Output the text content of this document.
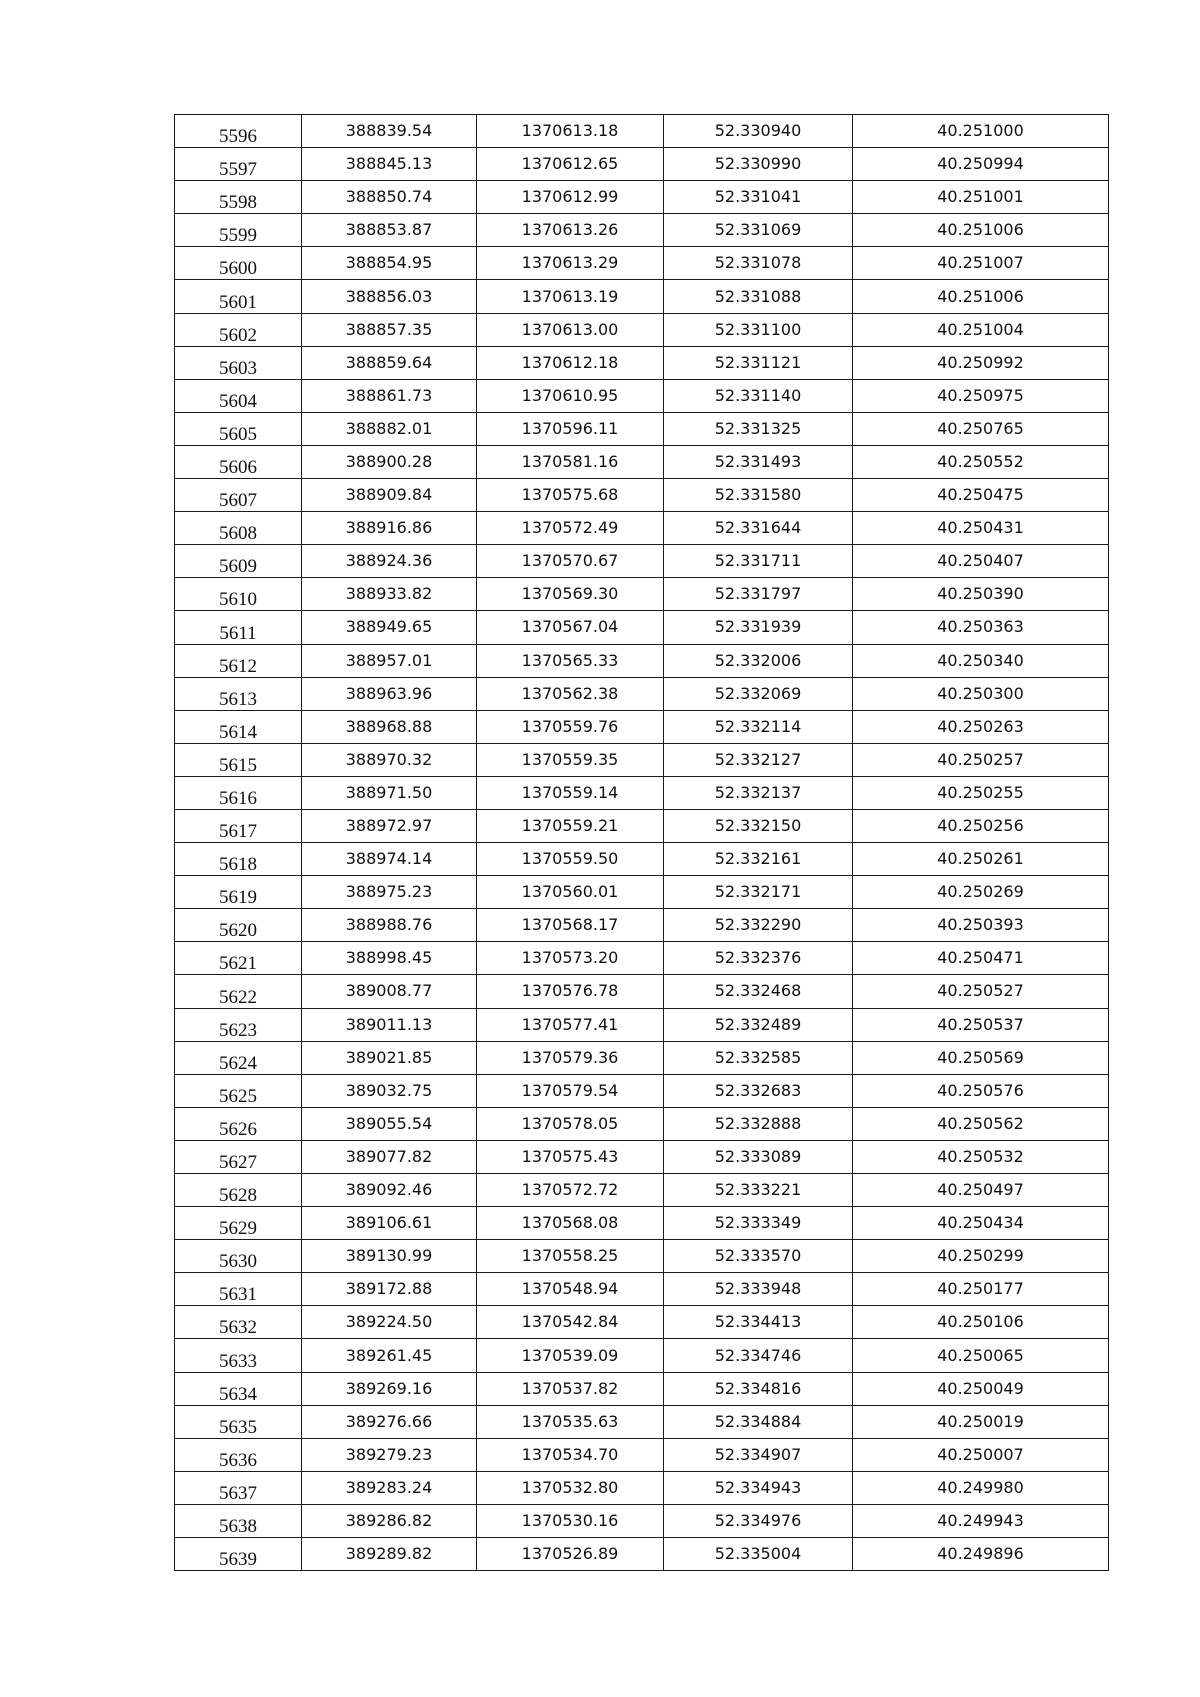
5596	388839.54	1370613.18	52.330940	40.251000
5597	388845.13	1370612.65	52.330990	40.250994
5598	388850.74	1370612.99	52.331041	40.251001
5599	388853.87	1370613.26	52.331069	40.251006
5600	388854.95	1370613.29	52.331078	40.251007
5601	388856.03	1370613.19	52.331088	40.251006
5602	388857.35	1370613.00	52.331100	40.251004
5603	388859.64	1370612.18	52.331121	40.250992
5604	388861.73	1370610.95	52.331140	40.250975
5605	388882.01	1370596.11	52.331325	40.250765
5606	388900.28	1370581.16	52.331493	40.250552
5607	388909.84	1370575.68	52.331580	40.250475
5608	388916.86	1370572.49	52.331644	40.250431
5609	388924.36	1370570.67	52.331711	40.250407
5610	388933.82	1370569.30	52.331797	40.250390
5611	388949.65	1370567.04	52.331939	40.250363
5612	388957.01	1370565.33	52.332006	40.250340
5613	388963.96	1370562.38	52.332069	40.250300
5614	388968.88	1370559.76	52.332114	40.250263
5615	388970.32	1370559.35	52.332127	40.250257
5616	388971.50	1370559.14	52.332137	40.250255
5617	388972.97	1370559.21	52.332150	40.250256
5618	388974.14	1370559.50	52.332161	40.250261
5619	388975.23	1370560.01	52.332171	40.250269
5620	388988.76	1370568.17	52.332290	40.250393
5621	388998.45	1370573.20	52.332376	40.250471
5622	389008.77	1370576.78	52.332468	40.250527
5623	389011.13	1370577.41	52.332489	40.250537
5624	389021.85	1370579.36	52.332585	40.250569
5625	389032.75	1370579.54	52.332683	40.250576
5626	389055.54	1370578.05	52.332888	40.250562
5627	389077.82	1370575.43	52.333089	40.250532
5628	389092.46	1370572.72	52.333221	40.250497
5629	389106.61	1370568.08	52.333349	40.250434
5630	389130.99	1370558.25	52.333570	40.250299
5631	389172.88	1370548.94	52.333948	40.250177
5632	389224.50	1370542.84	52.334413	40.250106
5633	389261.45	1370539.09	52.334746	40.250065
5634	389269.16	1370537.82	52.334816	40.250049
5635	389276.66	1370535.63	52.334884	40.250019
5636	389279.23	1370534.70	52.334907	40.250007
5637	389283.24	1370532.80	52.334943	40.249980
5638	389286.82	1370530.16	52.334976	40.249943
5639	389289.82	1370526.89	52.335004	40.249896
